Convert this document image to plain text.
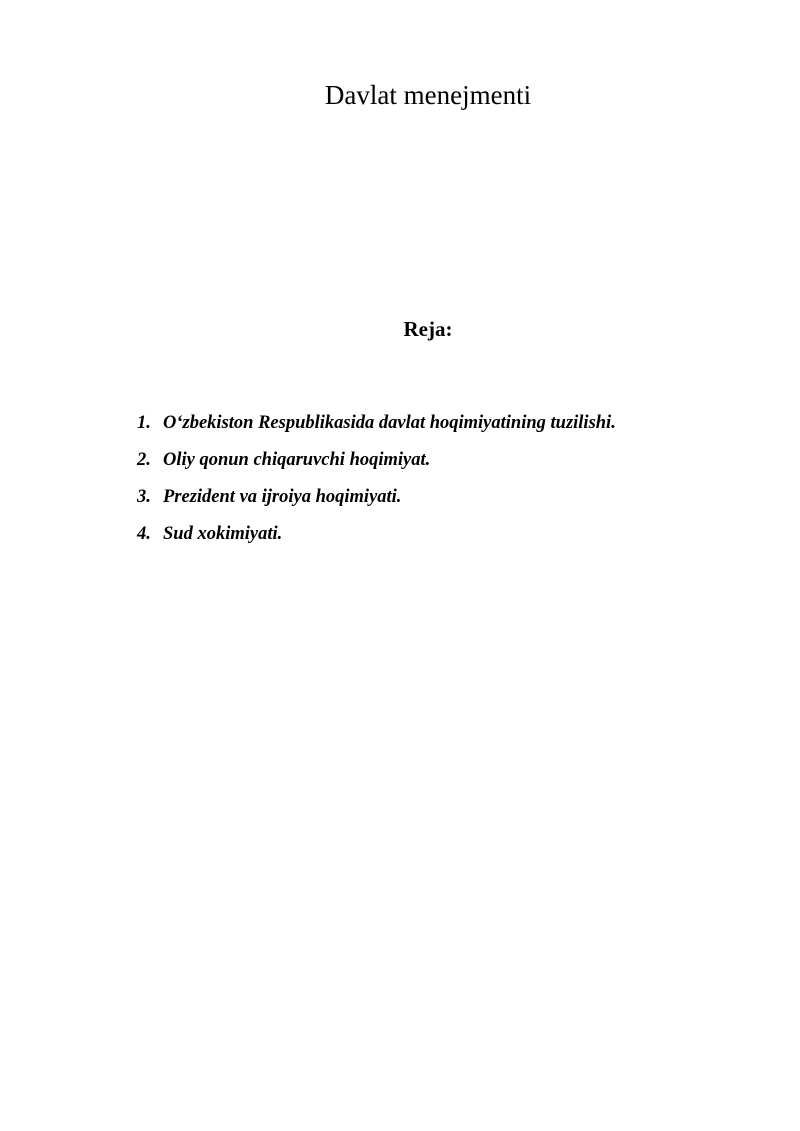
Davlat menejmenti
Reja:
1. O‘zbekiston Respublikasida davlat hoqimiyatining tuzilishi.
2. Oliy qonun chiqaruvchi hoqimiyat.
3. Prezident va ijroiya hoqimiyati.
4. Sud xokimiyati.
